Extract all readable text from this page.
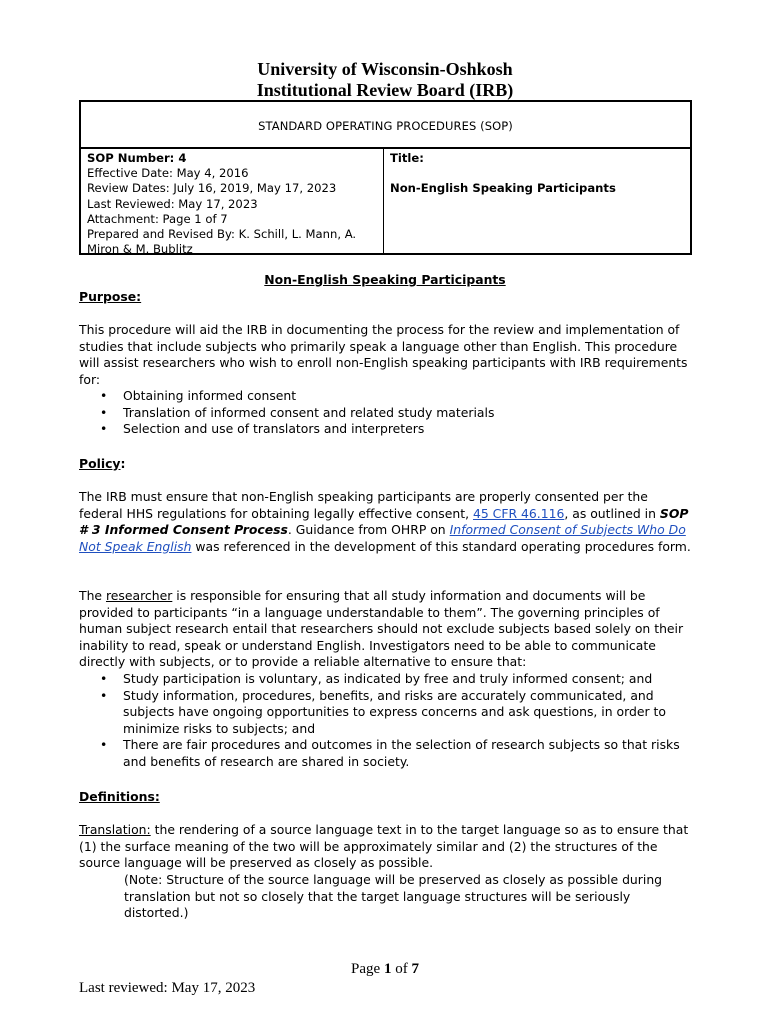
University of Wisconsin-Oshkosh
Institutional Review Board (IRB)
STANDARD OPERATING PROCEDURES (SOP)
SOP Number: 4
Effective Date: May 4, 2016
Review Dates: July 16, 2019, May 17, 2023
Last Reviewed: May 17, 2023
Attachment: Page 1 of 7
Prepared and Revised By: K. Schill, L. Mann, A.
Miron & M. Bublitz
Title:
Non-English Speaking Participants
Non-English Speaking Participants
Purpose:
This procedure will aid the IRB in documenting the process for the review and implementation of studies that include subjects who primarily speak a language other than English. This procedure will assist researchers who wish to enroll non-English speaking participants with IRB requirements for:
• Obtaining informed consent
• Translation of informed consent and related study materials
• Selection and use of translators and interpreters
Policy:
The IRB must ensure that non-English speaking participants are properly consented per the federal HHS regulations for obtaining legally effective consent, 45 CFR 46.116, as outlined in SOP # 3 Informed Consent Process. Guidance from OHRP on Informed Consent of Subjects Who Do Not Speak English was referenced in the development of this standard operating procedures form.
The researcher is responsible for ensuring that all study information and documents will be provided to participants “in a language understandable to them”. The governing principles of human subject research entail that researchers should not exclude subjects based solely on their inability to read, speak or understand English. Investigators need to be able to communicate directly with subjects, or to provide a reliable alternative to ensure that:
• Study participation is voluntary, as indicated by free and truly informed consent; and
• Study information, procedures, benefits, and risks are accurately communicated, and subjects have ongoing opportunities to express concerns and ask questions, in order to minimize risks to subjects; and
• There are fair procedures and outcomes in the selection of research subjects so that risks and benefits of research are shared in society.
Definitions:
Translation: the rendering of a source language text in to the target language so as to ensure that (1) the surface meaning of the two will be approximately similar and (2) the structures of the source language will be preserved as closely as possible.
(Note: Structure of the source language will be preserved as closely as possible during translation but not so closely that the target language structures will be seriously distorted.)
Page 1 of 7
Last reviewed: May 17, 2023
